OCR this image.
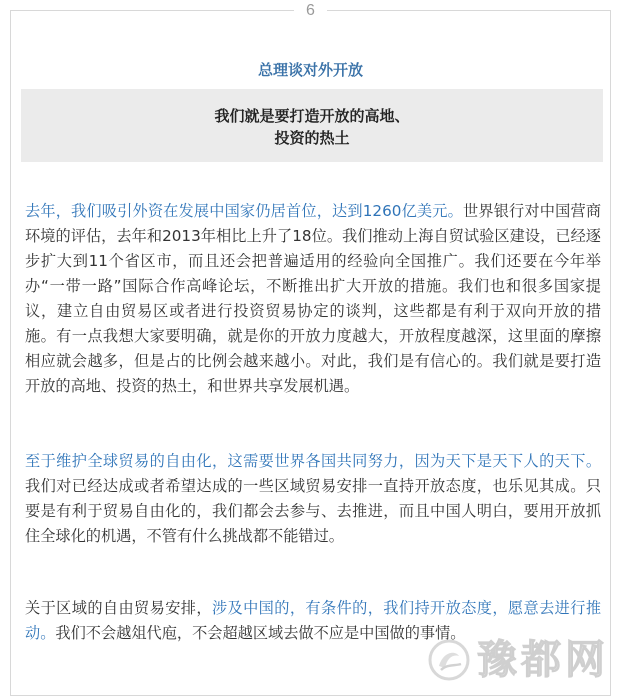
6
总理谈对外开放
我们就是要打造开放的高地、
投资的热土

去年，我们吸引外资在发展中国家仍居首位，达到1260亿美元。世界银行对中国营商环境的评估，去年和2013年相比上升了18位。我们推动上海自贸试验区建设，已经逐步扩大到11个省区市，而且还会把普遍适用的经验向全国推广。我们还要在今年举办“一带一路”国际合作高峰论坛，不断推出扩大开放的措施。我们也和很多国家提议，建立自由贸易区或者进行投资贸易协定的谈判，这些都是有利于双向开放的措施。有一点我想大家要明确，就是你的开放力度越大，开放程度越深，这里面的摩擦相应就会越多，但是占的比例会越来越小。对此，我们是有信心的。我们就是要打造开放的高地、投资的热土，和世界共享发展机遇。

至于维护全球贸易的自由化，这需要世界各国共同努力，因为天下是天下人的天下。我们对已经达成或者希望达成的一些区域贸易安排一直持开放态度，也乐见其成。只要是有利于贸易自由化的，我们都会去参与、去推进，而且中国人明白，要用开放抓住全球化的机遇，不管有什么挑战都不能错过。

关于区域的自由贸易安排，涉及中国的，有条件的，我们持开放态度，愿意去进行推动。我们不会越俎代庖，不会超越区域去做不应是中国做的事情。

豫都网
